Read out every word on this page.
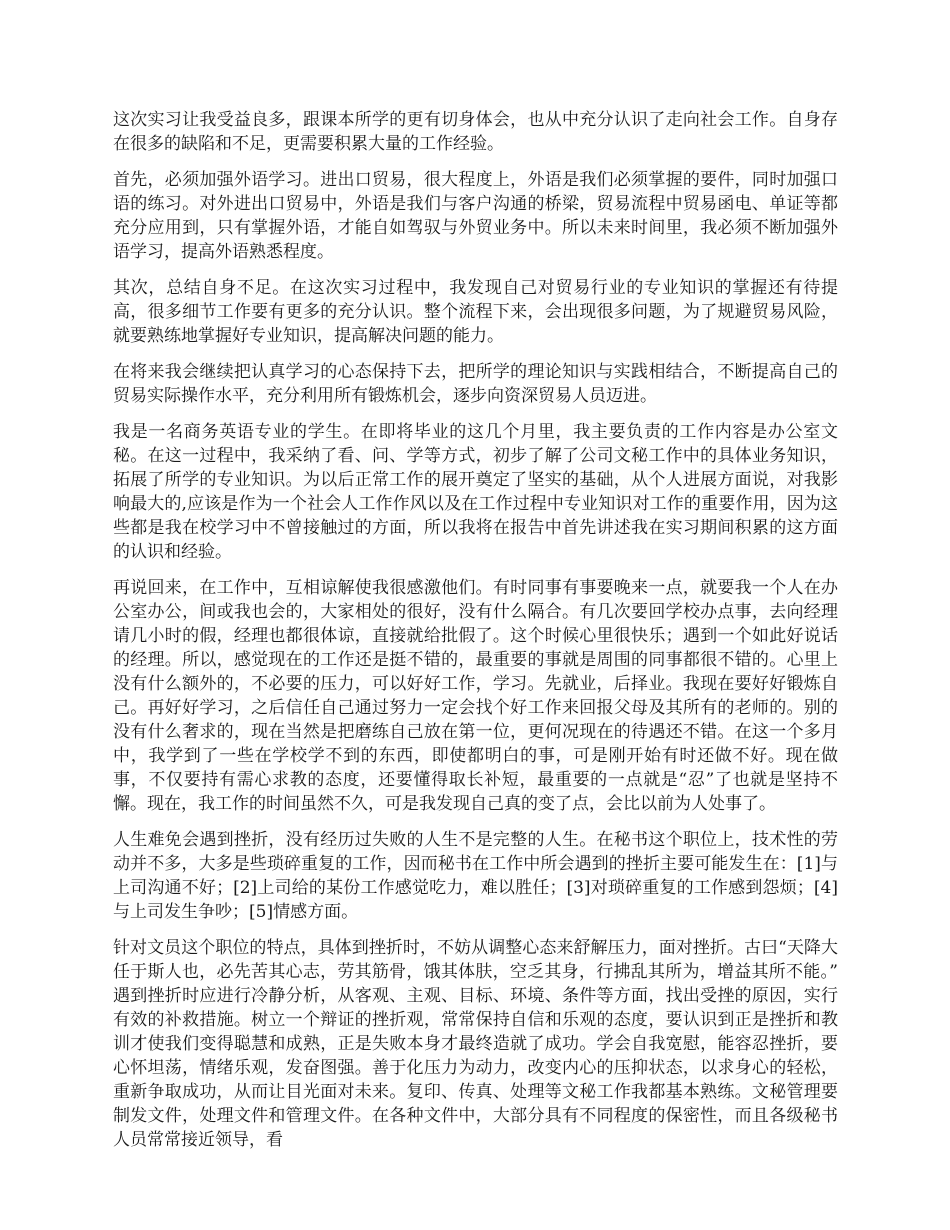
这次实习让我受益良多，跟课本所学的更有切身体会，也从中充分认识了走向社会工作。自身存在很多的缺陷和不足，更需要积累大量的工作经验。

首先，必须加强外语学习。进出口贸易，很大程度上，外语是我们必须掌握的要件，同时加强口语的练习。对外进出口贸易中，外语是我们与客户沟通的桥梁，贸易流程中贸易函电、单证等都充分应用到，只有掌握外语，才能自如驾驭与外贸业务中。所以未来时间里，我必须不断加强外语学习，提高外语熟悉程度。

其次，总结自身不足。在这次实习过程中，我发现自己对贸易行业的专业知识的掌握还有待提高，很多细节工作要有更多的充分认识。整个流程下来，会出现很多问题，为了规避贸易风险，就要熟练地掌握好专业知识，提高解决问题的能力。

在将来我会继续把认真学习的心态保持下去，把所学的理论知识与实践相结合，不断提高自己的贸易实际操作水平，充分利用所有锻炼机会，逐步向资深贸易人员迈进。

我是一名商务英语专业的学生。在即将毕业的这几个月里，我主要负责的工作内容是办公室文秘。在这一过程中，我采纳了看、问、学等方式，初步了解了公司文秘工作中的具体业务知识，拓展了所学的专业知识。为以后正常工作的展开奠定了坚实的基础，从个人进展方面说，对我影响最大的,应该是作为一个社会人工作作风以及在工作过程中专业知识对工作的重要作用，因为这些都是我在校学习中不曾接触过的方面，所以我将在报告中首先讲述我在实习期间积累的这方面的认识和经验。

再说回来，在工作中，互相谅解使我很感激他们。有时同事有事要晚来一点，就要我一个人在办公室办公，间或我也会的，大家相处的很好，没有什么隔合。有几次要回学校办点事，去向经理请几小时的假，经理也都很体谅，直接就给批假了。这个时候心里很快乐；遇到一个如此好说话的经理。所以，感觉现在的工作还是挺不错的，最重要的事就是周围的同事都很不错的。心里上没有什么额外的，不必要的压力，可以好好工作，学习。先就业，后择业。我现在要好好锻炼自己。再好好学习，之后信任自己通过努力一定会找个好工作来回报父母及其所有的老师的。别的没有什么奢求的，现在当然是把磨练自己放在第一位，更何况现在的待遇还不错。在这一个多月中，我学到了一些在学校学不到的东西，即使都明白的事，可是刚开始有时还做不好。现在做事，不仅要持有需心求教的态度，还要懂得取长补短，最重要的一点就是“忍”了也就是坚持不懈。现在，我工作的时间虽然不久，可是我发现自己真的变了点，会比以前为人处事了。

人生难免会遇到挫折，没有经历过失败的人生不是完整的人生。在秘书这个职位上，技术性的劳动并不多，大多是些琐碎重复的工作，因而秘书在工作中所会遇到的挫折主要可能发生在：[1]与上司沟通不好；[2]上司给的某份工作感觉吃力，难以胜任；[3]对琐碎重复的工作感到怨烦；[4]与上司发生争吵；[5]情感方面。

针对文员这个职位的特点，具体到挫折时，不妨从调整心态来舒解压力，面对挫折。古曰“天降大任于斯人也，必先苦其心志，劳其筋骨，饿其体肤，空乏其身，行拂乱其所为，增益其所不能。” 遇到挫折时应进行冷静分析，从客观、主观、目标、环境、条件等方面，找出受挫的原因，实行有效的补救措施。树立一个辩证的挫折观，常常保持自信和乐观的态度，要认识到正是挫折和教训才使我们变得聪慧和成熟，正是失败本身才最终造就了成功。学会自我宽慰，能容忍挫折，要心怀坦荡，情绪乐观，发奋图强。善于化压力为动力，改变内心的压抑状态，以求身心的轻松，重新争取成功，从而让目光面对未来。复印、传真、处理等文秘工作我都基本熟练。文秘管理要制发文件，处理文件和管理文件。在各种文件中，大部分具有不同程度的保密性，而且各级秘书人员常常接近领导，看
